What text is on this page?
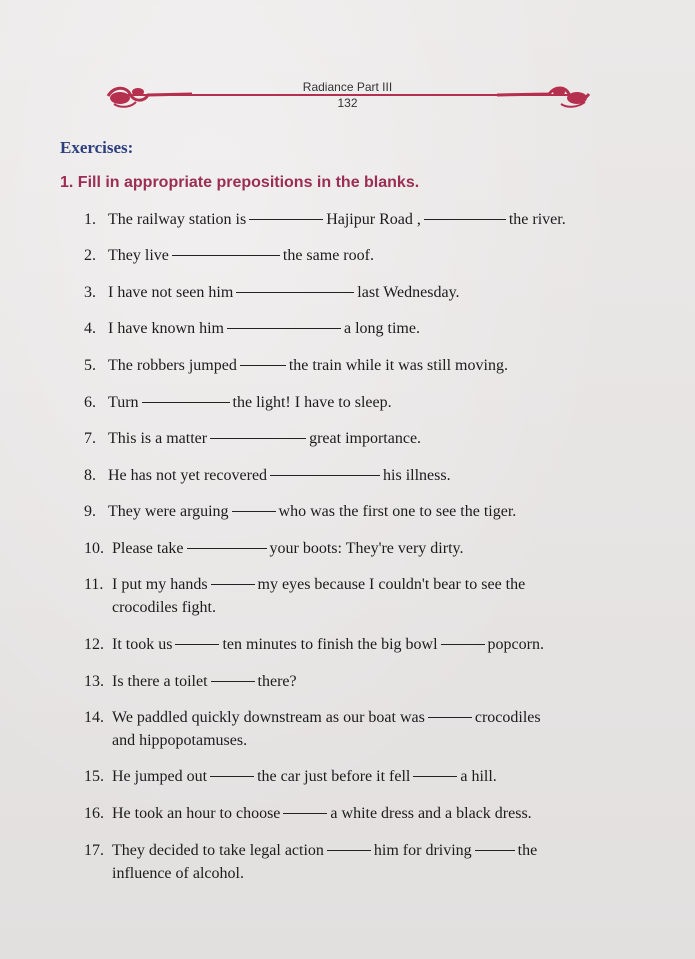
Radiance Part III
132
Exercises:
1. Fill in appropriate prepositions in the blanks.
1. The railway station is	Hajipur Road ,	the river.
2. They live	the same roof.
3. I have not seen him	last Wednesday.
4. I have known him	a long time.
5. The robbers jumped	the train while it was still moving.
6. Turn	the light! I have to sleep.
7. This is a matter	great importance.
8. He has not yet recovered	his illness.
9. They were arguing	who was the first one to see the tiger.
10. Please take	your boots: They're very dirty.
11. I put my hands	my eyes because I couldn't bear to see the
crocodiles fight.
12. It took us	ten minutes to finish the big bowl	popcorn.
13. Is there a toilet	there?
14. We paddled quickly downstream as our boat was	crocodiles
and hippopotamuses.
15. He jumped out	the car just before it fell	a hill.
16. He took an hour to choose	a white dress and a black dress.
17. They decided to take legal action	him for driving	the
influence of alcohol.
